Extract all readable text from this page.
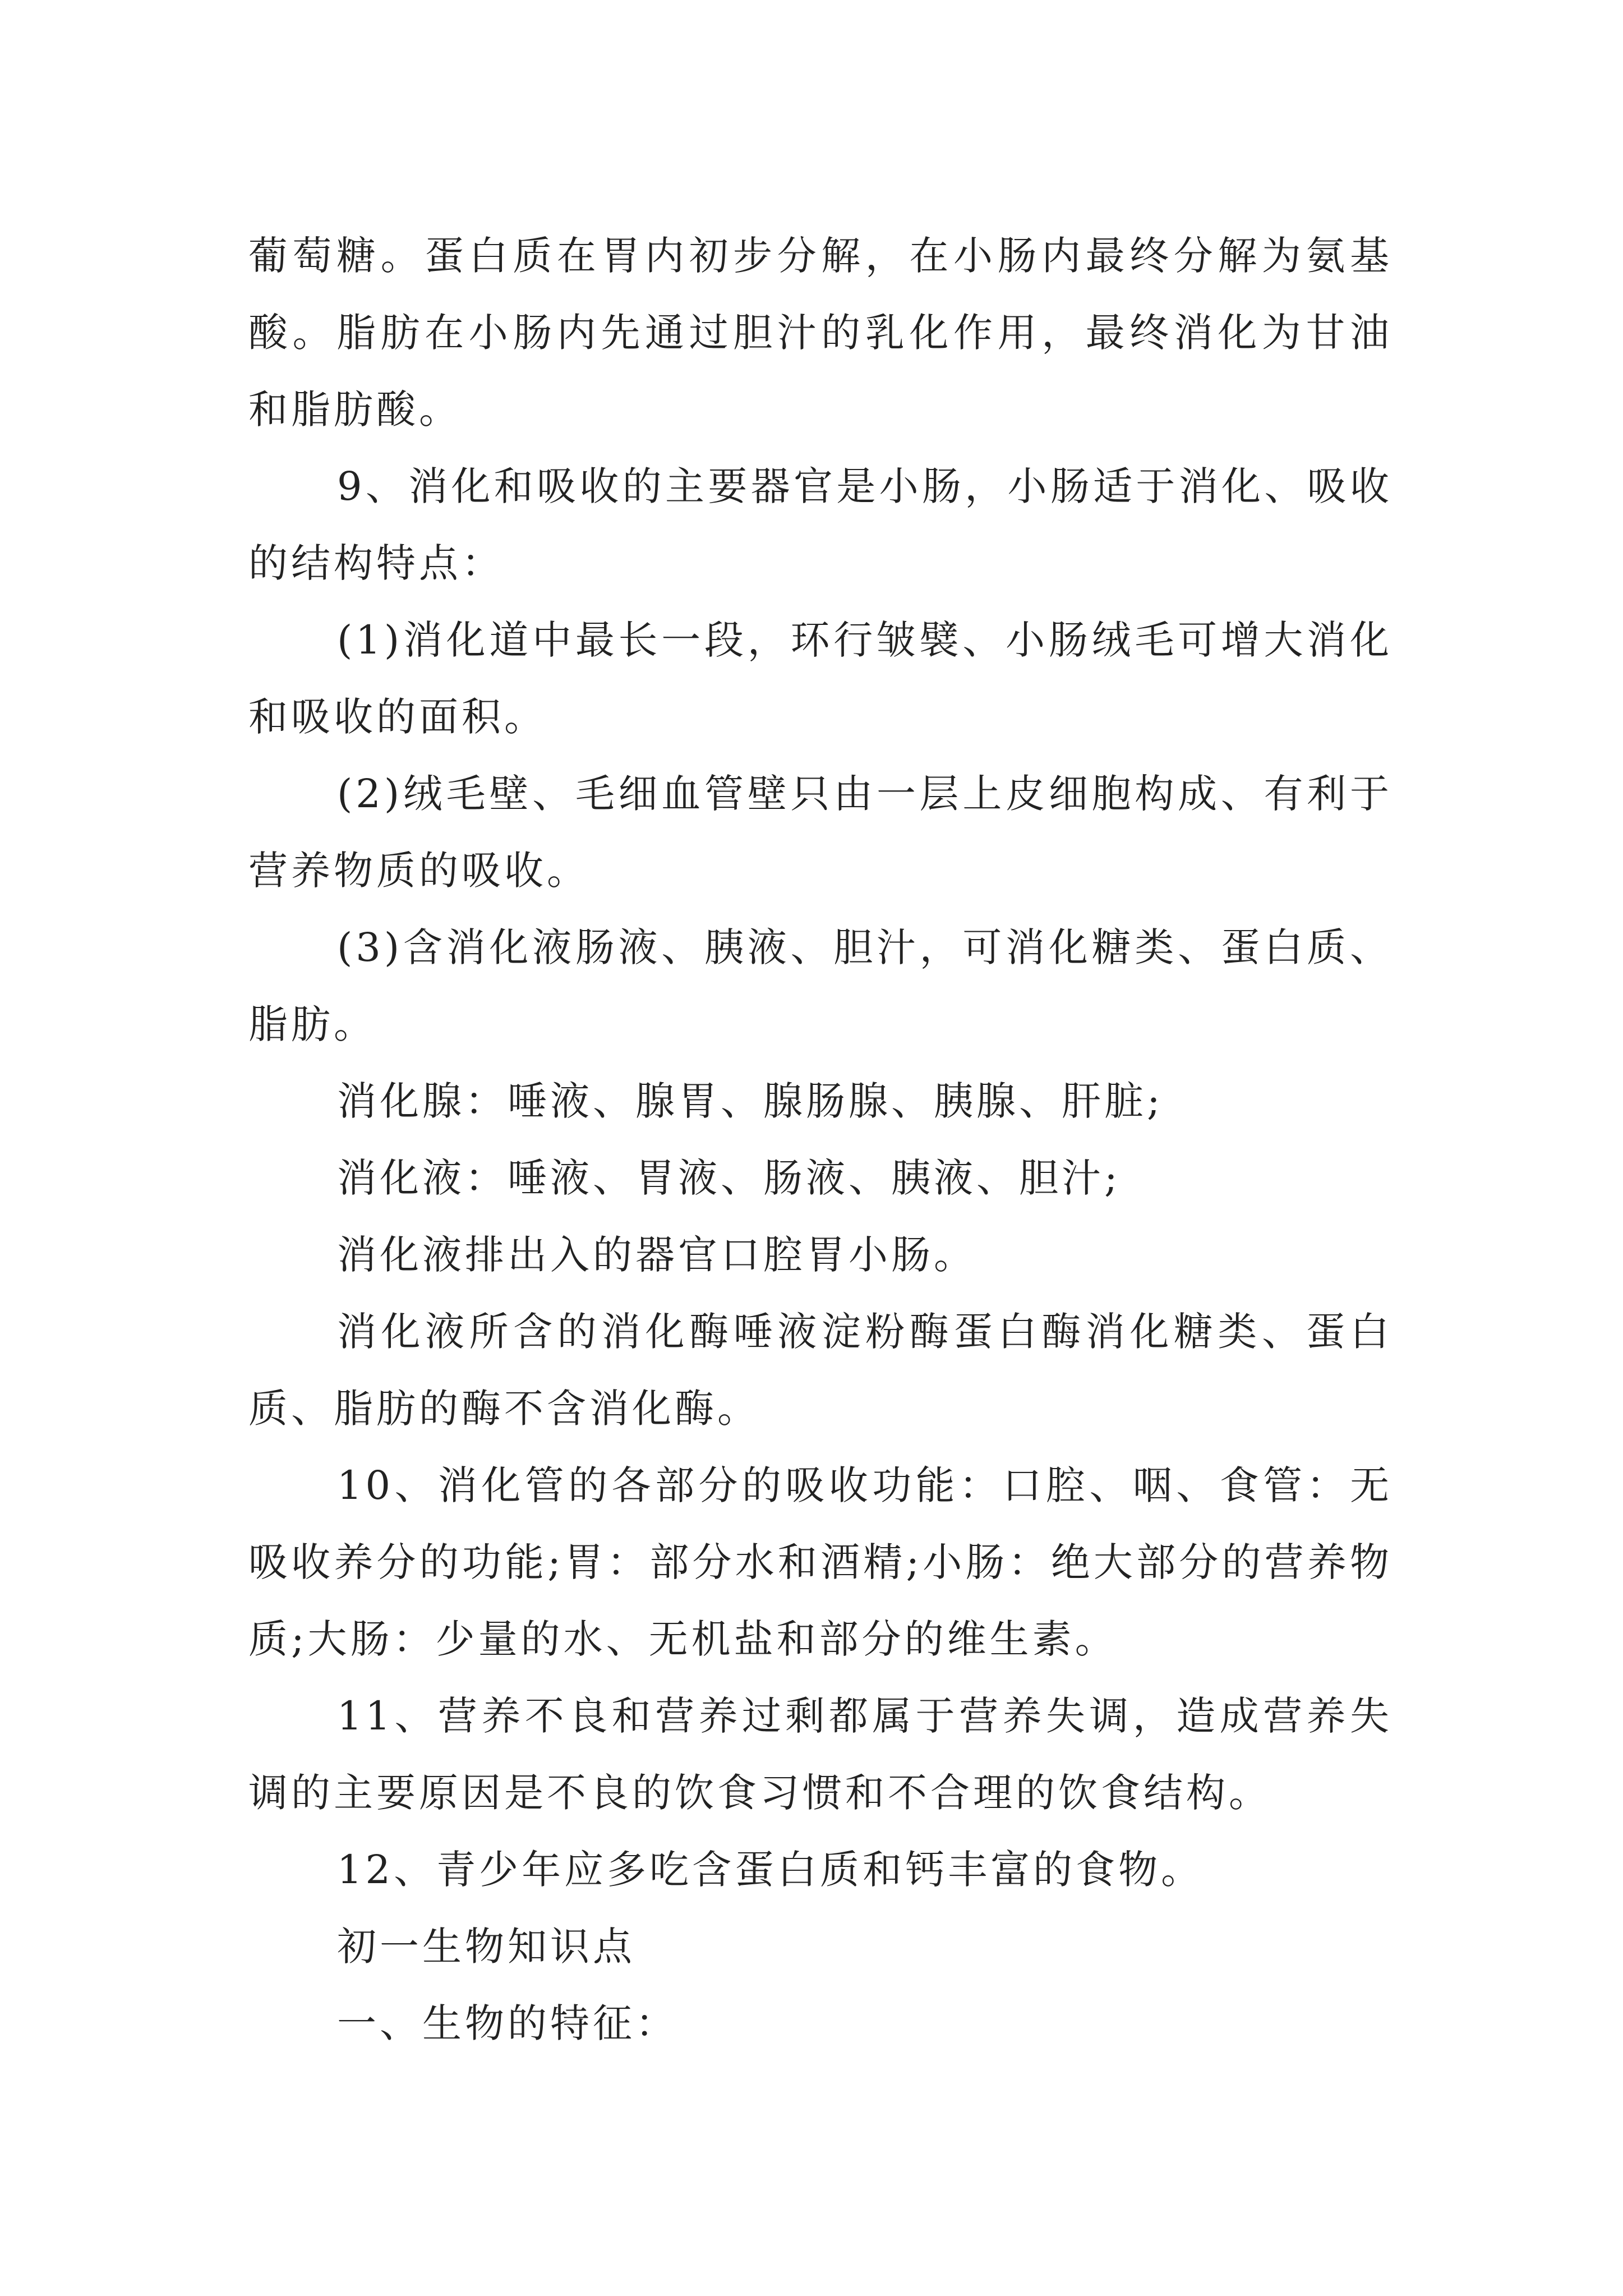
葡萄糖。蛋白质在胃内初步分解，在小肠内最终分解为氨基酸。脂肪在小肠内先通过胆汁的乳化作用，最终消化为甘油和脂肪酸。

9、消化和吸收的主要器官是小肠，小肠适于消化、吸收的结构特点：

(1)消化道中最长一段，环行皱襞、小肠绒毛可增大消化和吸收的面积。

(2)绒毛壁、毛细血管壁只由一层上皮细胞构成、有利于营养物质的吸收。

(3)含消化液肠液、胰液、胆汁，可消化糖类、蛋白质、脂肪。

消化腺：唾液、腺胃、腺肠腺、胰腺、肝脏;

消化液：唾液、胃液、肠液、胰液、胆汁;

消化液排出入的器官口腔胃小肠。

消化液所含的消化酶唾液淀粉酶蛋白酶消化糖类、蛋白质、脂肪的酶不含消化酶。

10、消化管的各部分的吸收功能：口腔、咽、食管：无吸收养分的功能;胃：部分水和酒精;小肠：绝大部分的营养物质;大肠：少量的水、无机盐和部分的维生素。

11、营养不良和营养过剩都属于营养失调，造成营养失调的主要原因是不良的饮食习惯和不合理的饮食结构。

12、青少年应多吃含蛋白质和钙丰富的食物。

初一生物知识点

一、生物的特征：
